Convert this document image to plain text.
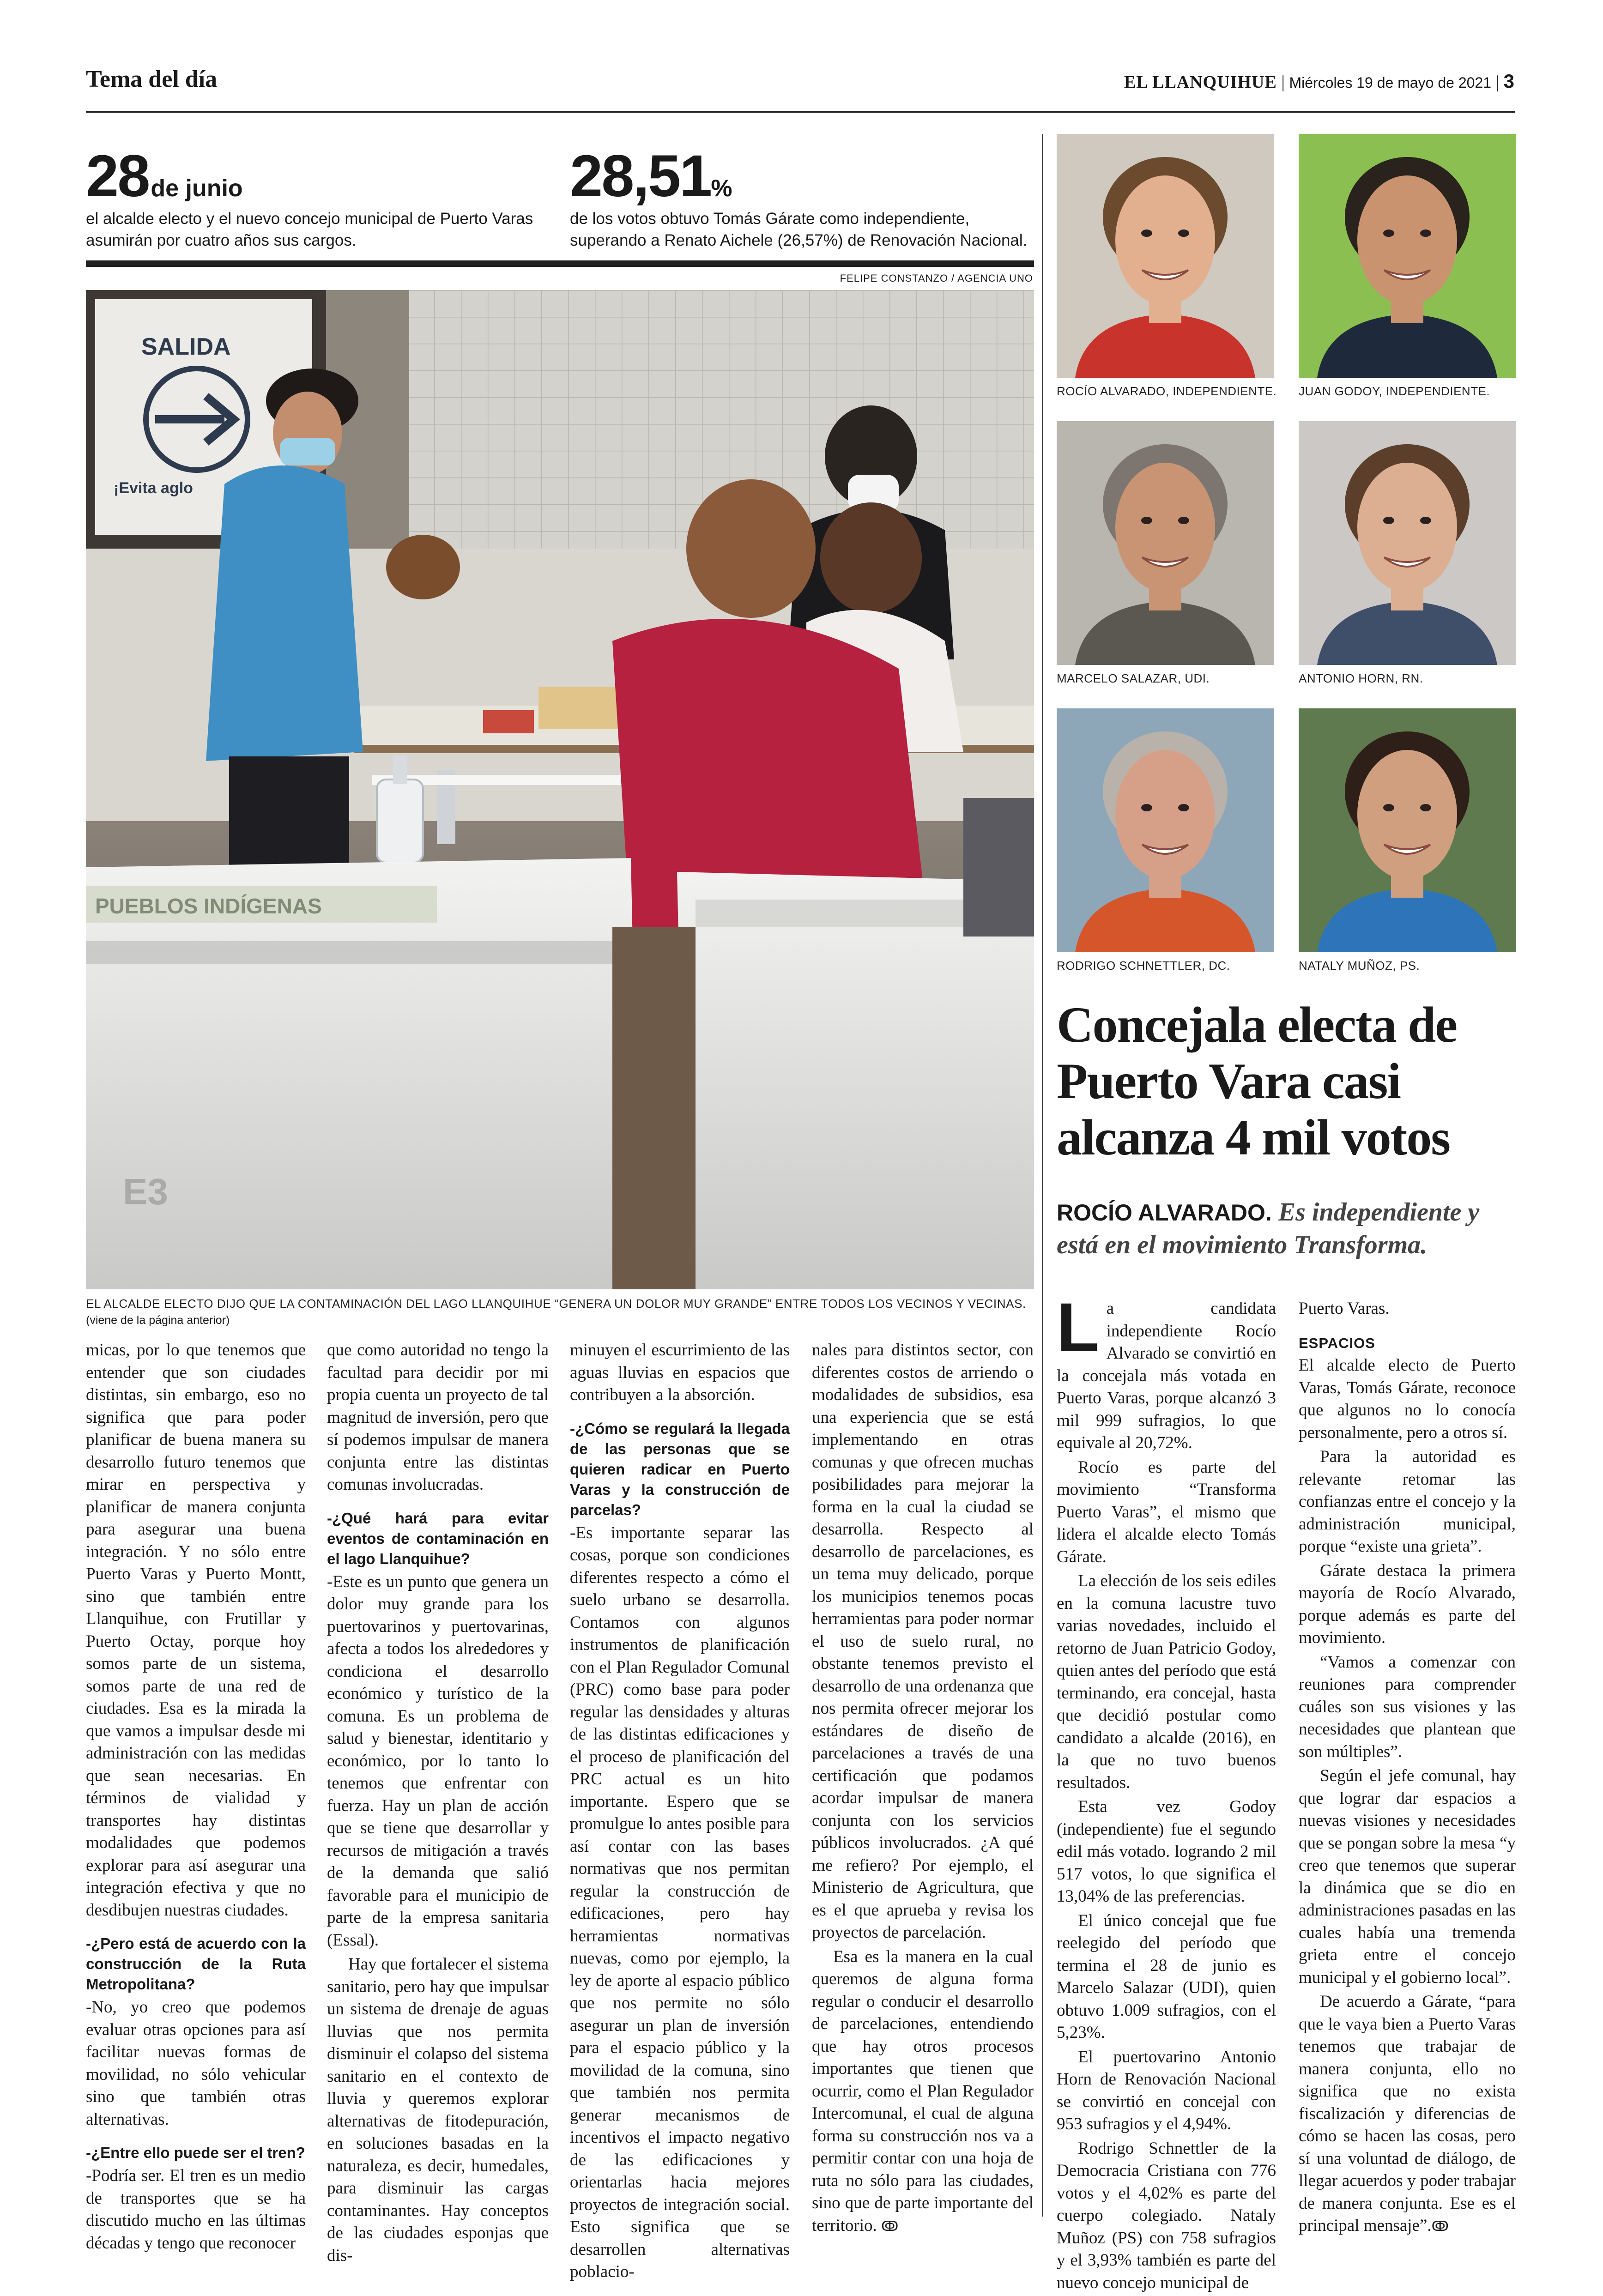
Tema del día	EL LLANQUIHUE | Miércoles 19 de mayo de 2021 | 3
28 de junio
el alcalde electo y el nuevo concejo municipal de Puerto Varas asumirán por cuatro años sus cargos.
28,51%
de los votos obtuvo Tomás Gárate como independiente, superando a Renato Aichele (26,57%) de Renovación Nacional.
FELIPE CONSTANZO / AGENCIA UNO
SALIDA
¡Evita aglo
PUEBLOS INDÍGENAS
E3
EL ALCALDE ELECTO DIJO QUE LA CONTAMINACIÓN DEL LAGO LLANQUIHUE “GENERA UN DOLOR MUY GRANDE” ENTRE TODOS LOS VECINOS Y VECINAS.
(viene de la página anterior)

micas, por lo que tenemos que entender que son ciudades distintas, sin embargo, eso no significa que para poder planificar de buena manera su desarrollo futuro tenemos que mirar en perspectiva y planificar de manera conjunta para asegurar una buena integración. Y no sólo entre Puerto Varas y Puerto Montt, sino que también entre Llanquihue, con Frutillar y Puerto Octay, porque hoy somos parte de un sistema, somos parte de una red de ciudades. Esa es la mirada la que vamos a impulsar desde mi administración con las medidas que sean necesarias. En términos de vialidad y transportes hay distintas modalidades que podemos explorar para así asegurar una integración efectiva y que no desdibujen nuestras ciudades.

-¿Pero está de acuerdo con la construcción de la Ruta Metropolitana?

-No, yo creo que podemos evaluar otras opciones para así facilitar nuevas formas de movilidad, no sólo vehicular sino que también otras alternativas.

-¿Entre ello puede ser el tren?

-Podría ser. El tren es un medio de transportes que se ha discutido mucho en las últimas décadas y tengo que reconocer

que como autoridad no tengo la facultad para decidir por mi propia cuenta un proyecto de tal magnitud de inversión, pero que sí podemos impulsar de manera conjunta entre las distintas comunas involucradas.

-¿Qué hará para evitar eventos de contaminación en el lago Llanquihue?

-Este es un punto que genera un dolor muy grande para los puertovarinos y puertovarinas, afecta a todos los alrededores y condiciona el desarrollo económico y turístico de la comuna. Es un problema de salud y bienestar, identitario y económico, por lo tanto lo tenemos que enfrentar con fuerza. Hay un plan de acción que se tiene que desarrollar y recursos de mitigación a través de la demanda que salió favorable para el municipio de parte de la empresa sanitaria (Essal).

Hay que fortalecer el sistema sanitario, pero hay que impulsar un sistema de drenaje de aguas lluvias que nos permita disminuir el colapso del sistema sanitario en el contexto de lluvia y queremos explorar alternativas de fitodepuración, en soluciones basadas en la naturaleza, es decir, humedales, para disminuir las cargas contaminantes. Hay conceptos de las ciudades esponjas que dis-

minuyen el escurrimiento de las aguas lluvias en espacios que contribuyen a la absorción.

-¿Cómo se regulará la llegada de las personas que se quieren radicar en Puerto Varas y la construcción de parcelas?

-Es importante separar las cosas, porque son condiciones diferentes respecto a cómo el suelo urbano se desarrolla. Contamos con algunos instrumentos de planificación con el Plan Regulador Comunal (PRC) como base para poder regular las densidades y alturas de las distintas edificaciones y el proceso de planificación del PRC actual es un hito importante. Espero que se promulgue lo antes posible para así contar con las bases normativas que nos permitan regular la construcción de edificaciones, pero hay herramientas normativas nuevas, como por ejemplo, la ley de aporte al espacio público que nos permite no sólo asegurar un plan de inversión para el espacio público y la movilidad de la comuna, sino que también nos permita generar mecanismos de incentivos el impacto negativo de las edificaciones y orientarlas hacia mejores proyectos de integración social. Esto significa que se desarrollen alternativas poblacio-

nales para distintos sector, con diferentes costos de arriendo o modalidades de subsidios, esa una experiencia que se está implementando en otras comunas y que ofrecen muchas posibilidades para mejorar la forma en la cual la ciudad se desarrolla. Respecto al desarrollo de parcelaciones, es un tema muy delicado, porque los municipios tenemos pocas herramientas para poder normar el uso de suelo rural, no obstante tenemos previsto el desarrollo de una ordenanza que nos permita ofrecer mejorar los estándares de diseño de parcelaciones a través de una certificación que podamos acordar impulsar de manera conjunta con los servicios públicos involucrados. ¿A qué me refiero? Por ejemplo, el Ministerio de Agricultura, que es el que aprueba y revisa los proyectos de parcelación.

Esa es la manera en la cual queremos de alguna forma regular o conducir el desarrollo de parcelaciones, entendiendo que hay otros procesos importantes que tienen que ocurrir, como el Plan Regulador Intercomunal, el cual de alguna forma su construcción nos va a permitir contar con una hoja de ruta no sólo para las ciudades, sino que de parte importante del territorio. ↂ

ROCÍO ALVARADO, INDEPENDIENTE. JUAN GODOY, INDEPENDIENTE.
MARCELO SALAZAR, UDI.	ANTONIO HORN, RN.
RODRIGO SCHNETTLER, DC.	NATALY MUÑOZ, PS.
Concejala electa de Puerto Vara casi alcanza 4 mil votos
ROCÍO ALVARADO. Es independiente y está en el movimiento Transforma.

La candidata independiente Rocío Alvarado se convirtió en la concejala más votada en Puerto Varas, porque alcanzó 3 mil 999 sufragios, lo que equivale al 20,72%.

Rocío es parte del movimiento “Transforma Puerto Varas”, el mismo que lidera el alcalde electo Tomás Gárate.

La elección de los seis ediles en la comuna lacustre tuvo varias novedades, incluido el retorno de Juan Patricio Godoy, quien antes del período que está terminando, era concejal, hasta que decidió postular como candidato a alcalde (2016), en la que no tuvo buenos resultados.

Esta vez Godoy (independiente) fue el segundo edil más votado. logrando 2 mil 517 votos, lo que significa el 13,04% de las preferencias.

El único concejal que fue reelegido del período que termina el 28 de junio es Marcelo Salazar (UDI), quien obtuvo 1.009 sufragios, con el 5,23%.

El puertovarino Antonio Horn de Renovación Nacional se convirtió en concejal con 953 sufragios y el 4,94%.

Rodrigo Schnettler de la Democracia Cristiana con 776 votos y el 4,02% es parte del cuerpo colegiado. Nataly Muñoz (PS) con 758 sufragios y el 3,93% también es parte del nuevo concejo municipal de

Puerto Varas.

ESPACIOS

El alcalde electo de Puerto Varas, Tomás Gárate, reconoce que algunos no lo conocía personalmente, pero a otros sí.

Para la autoridad es relevante retomar las confianzas entre el concejo y la administración municipal, porque “existe una grieta”.

Gárate destaca la primera mayoría de Rocío Alvarado, porque además es parte del movimiento.

“Vamos a comenzar con reuniones para comprender cuáles son sus visiones y las necesidades que plantean que son múltiples”.

Según el jefe comunal, hay que lograr dar espacios a nuevas visiones y necesidades que se pongan sobre la mesa “y creo que tenemos que superar la dinámica que se dio en administraciones pasadas en las cuales había una tremenda grieta entre el concejo municipal y el gobierno local”.

De acuerdo a Gárate, “para que le vaya bien a Puerto Varas tenemos que trabajar de manera conjunta, ello no significa que no exista fiscalización y diferencias de cómo se hacen las cosas, pero sí una voluntad de diálogo, de llegar acuerdos y poder trabajar de manera conjunta. Ese es el principal mensaje”.ↂ
